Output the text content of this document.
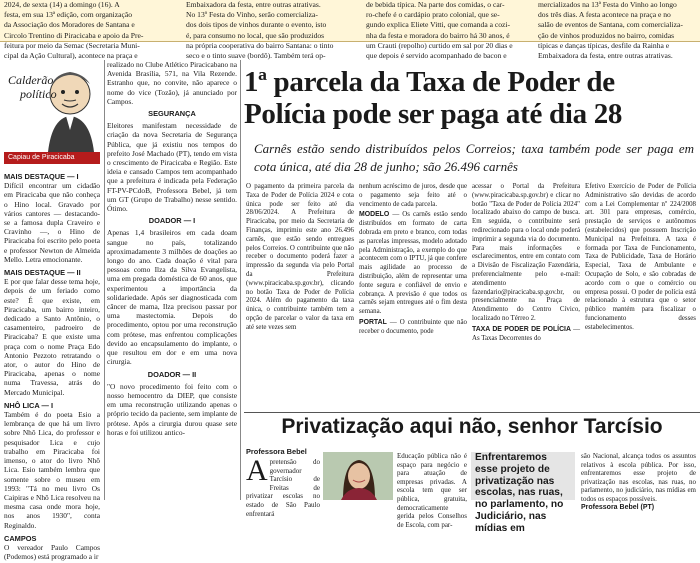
2024, de sexta (14) a domingo (16). A
festa, em sua 13ª edição, com organização
da Associação dos Moradores de Santana e
Circolo Trentino di Piracicaba e apoio da Pre-
feitura por meio da Semac (Secretaria Muni-
cipal da Ação Cultural), acontece na praça e
Embaixadora da festa, entre outras atrativas.
No 13º Festa do Vinho, serão comercializa-
dos dois tipos de vinhos durante o evento, isto
é, para consumo no local, que são produzidos
na própria cooperativa do bairro Santana: o tinto
seco e o tinto suave (bordô). Também terá op-
de bebida típica. Na parte dos comidas, o car-
ro-chefe é o cardápio prato colonial, que se-
gundo explica Eliete Vitti, que comanda a cozi-
nha da festa e moradora do bairro há 30 anos, é
um Crauti (repolho) curtido em sal por 20 dias e
que depois é servido acompanhado de bacon e
mercializados na 13ª Festa do Vinho ao longo
dos três dias. A festa acontece na praça e no
salão de eventos de Santana, com comercializa-
ção de vinhos produzidos no bairro, comidas
típicas e danças típicas, desfile da Rainha e
Embaixadora da festa, entre outras atrativas.
Calderão
político
Capiau de Piracicaba
MAIS DESTAQUE — I

Difícil encontrar um cidadão em Piracicaba que não conheça o Hino local. Gravado por vários cantores — destacando-se a famosa dupla Craveiro e Cravinho —, o Hino de Piracicaba foi escrito pelo poeta e professor Newton de Almeida Mello. Letra emocionante.

MAIS DESTAQUE — II

E por que falar desse tema hoje, depois de um feriado como este? É que existe, em Piracicaba, um bairro inteiro, dedicado a Santo Antônio, o casamenteiro, padroeiro de Piracicaba? E que existe uma praça com o nome Praça Edo Antonio Pezzoto retratando o ator, o autor do Hino de Piracicaba, apenas o nome numa Travessa, atrás do Mercado Municipal.

NHÔ LICA — I

Também é do poeta Esio a lembrança de que há um livro sobre Nhô Lica, do professor e pesquisador Lica e cujo trabalho em Piracicaba foi imenso, o ator do livro Nhô Lica. Esio também lembra que somente sobre o museu em 1993: "Tá no meu livro Os Caipiras e Nhô Lica resolveu na mesma casa onde mora hoje, nos anos 1930", conta Reginaldo.

CAMPOS

O vereador Paulo Campos (Podemos) está programado a ir

realizado no Clube Atlético Piracicabano na Avenida Brasília, 571, na Vila Rezende. Estranho que, no convite, não aparece o nome do vice (Tozão), já anunciado por Campos.

SEGURANÇA

Eleitores manifestam necessidade de criação da nova Secretaria de Segurança Pública, que já existiu nos tempos do prefeito José Machado (PT), tendo em vista o crescimento de Piracicaba e Região. Este ideia e cansado Campos tem acompanhado que a prefeitura é indicada pela Federação FT-PV-PCdoB, Professora Bebel, já tem um GT (Grupo de Trabalho) nesse sentido. Ótimo.

DOADOR — I

Apenas 1,4 brasileiros em cada doam sangue no país, totalizando aproximadamente 3 milhões de doações ao longo do ano. Cada doação é vital para pessoas como Ilza da Silva Evangelista, uma em pregada doméstica de 60 anos, que experimentou a importância da solidariedade. Após ser diagnosticada com câncer de mama, Ilza precisou passar por uma mastectomia. Depois do procedimento, optou por uma reconstrução com prótese, mas enfrentou complicações devido ao encapsulamento do implante, o que resultou em dor e em uma nova cirurgia.

DOADOR — II

"O novo procedimento foi feito com o nosso hemocentro da DIEP, que consiste em uma reconstrução utilizando apenas o próprio tecido da paciente, sem implante de prótese. Após a cirurgia durou quase sete horas e foi utilizou antico-

1ª parcela da Taxa de Poder de Polícia pode ser paga até dia 28
Carnês estão sendo distribuídos pelos Correios; taxa também pode ser paga em cota única, até dia 28 de junho; são 26.496 carnês

O pagamento da primeira parcela da Taxa de Poder de Polícia 2024 e cota única pode ser feito até dia 28/06/2024. A Prefeitura de Piracicaba, por meio da Secretaria de Finanças, imprimiu este ano 26.496 carnês, que estão sendo entregues pelos Correios. O contribuinte que não receber o documento poderá fazer a impressão da segunda via pelo Portal da Prefeitura (www.piracicaba.sp.gov.br), clicando no botão Taxa de Poder de Polícia 2024. Além do pagamento da taxa única, o contribuinte também tem a opção de parcelar o valor da taxa em até sete vezes sem

nenhum acréscimo de juros, desde que o pagamento seja feito até o vencimento de cada parcela.

MODELO — Os carnês estão sendo distribuídos em formato de carta dobrada em preto e branco, com todas as parcelas impressas, modelo adotado pela Administração, a exemplo do que acontecem com o IPTU, já que confere mais agilidade ao processo de distribuição, além de representar uma fonte segura e confiável de envio e cobrança. A previsão é que todos os carnês sejam entregues até o fim desta semana.

PORTAL — O contribuinte que não receber o documento, pode

acessar o Portal da Prefeitura (www.piracicaba.sp.gov.br) e clicar no botão "Taxa de Poder de Polícia 2024" localizado abaixo do campo de busca. Em seguida, o contribuinte será redirecionado para o local onde poderá imprimir a segunda via do documento. Para mais informações e esclarecimentos, entre em contato com a Divisão de Fiscalização Fazendária, preferencialmente pelo e-mail: atendimento fazendario@piracicaba.sp.gov.br, ou presencialmente na Praça de Atendimento do Centro Cívico, localizado no Térreo 2.

TAXA DE PODER DE POLÍCIA — As Taxas Decorrentes do

Efetivo Exercício de Poder de Polícia Administrativo são devidas de acordo com a Lei Complementar nº 224/2008 art. 301 para empresas, comércio, prestação de serviços e autônomos (estabelecidos) que possuem Inscrição Municipal na Prefeitura. A taxa é formada por Taxa de Funcionamento, Taxa de Publicidade, Taxa de Horário Especial, Taxa de Ambulante e Ocupação de Solo, e são cobradas de acordo com o que o comércio ou empresa possui. O poder de polícia está relacionado à estrutura que o setor público mantém para fiscalizar o funcionamento desses estabelecimentos.

Privatização aqui não, senhor Tarcísio
Professora Bebel
A pretensão do governador Tarcísio de Freitas de privatizar escolas no estado de São Paulo enfrentará
Educação pública não é espaço para negócio e para atuação de empresas privadas. A escola tem que ser pública, gratuita, democraticamente gerida pelos Conselhos de Escola, com par-
Enfrentaremos esse projeto de privatização nas escolas, nas ruas, no parlamento, no Judiciário, nas mídias em
são Nacional, alcança todos os assuntos relativos à escola pública. Por isso, enfrentaremos esse projeto de privatização nas escolas, nas ruas, no parlamento, no judiciário, nas mídias em todos os espaços possíveis.
Professora Bebel (PT)
